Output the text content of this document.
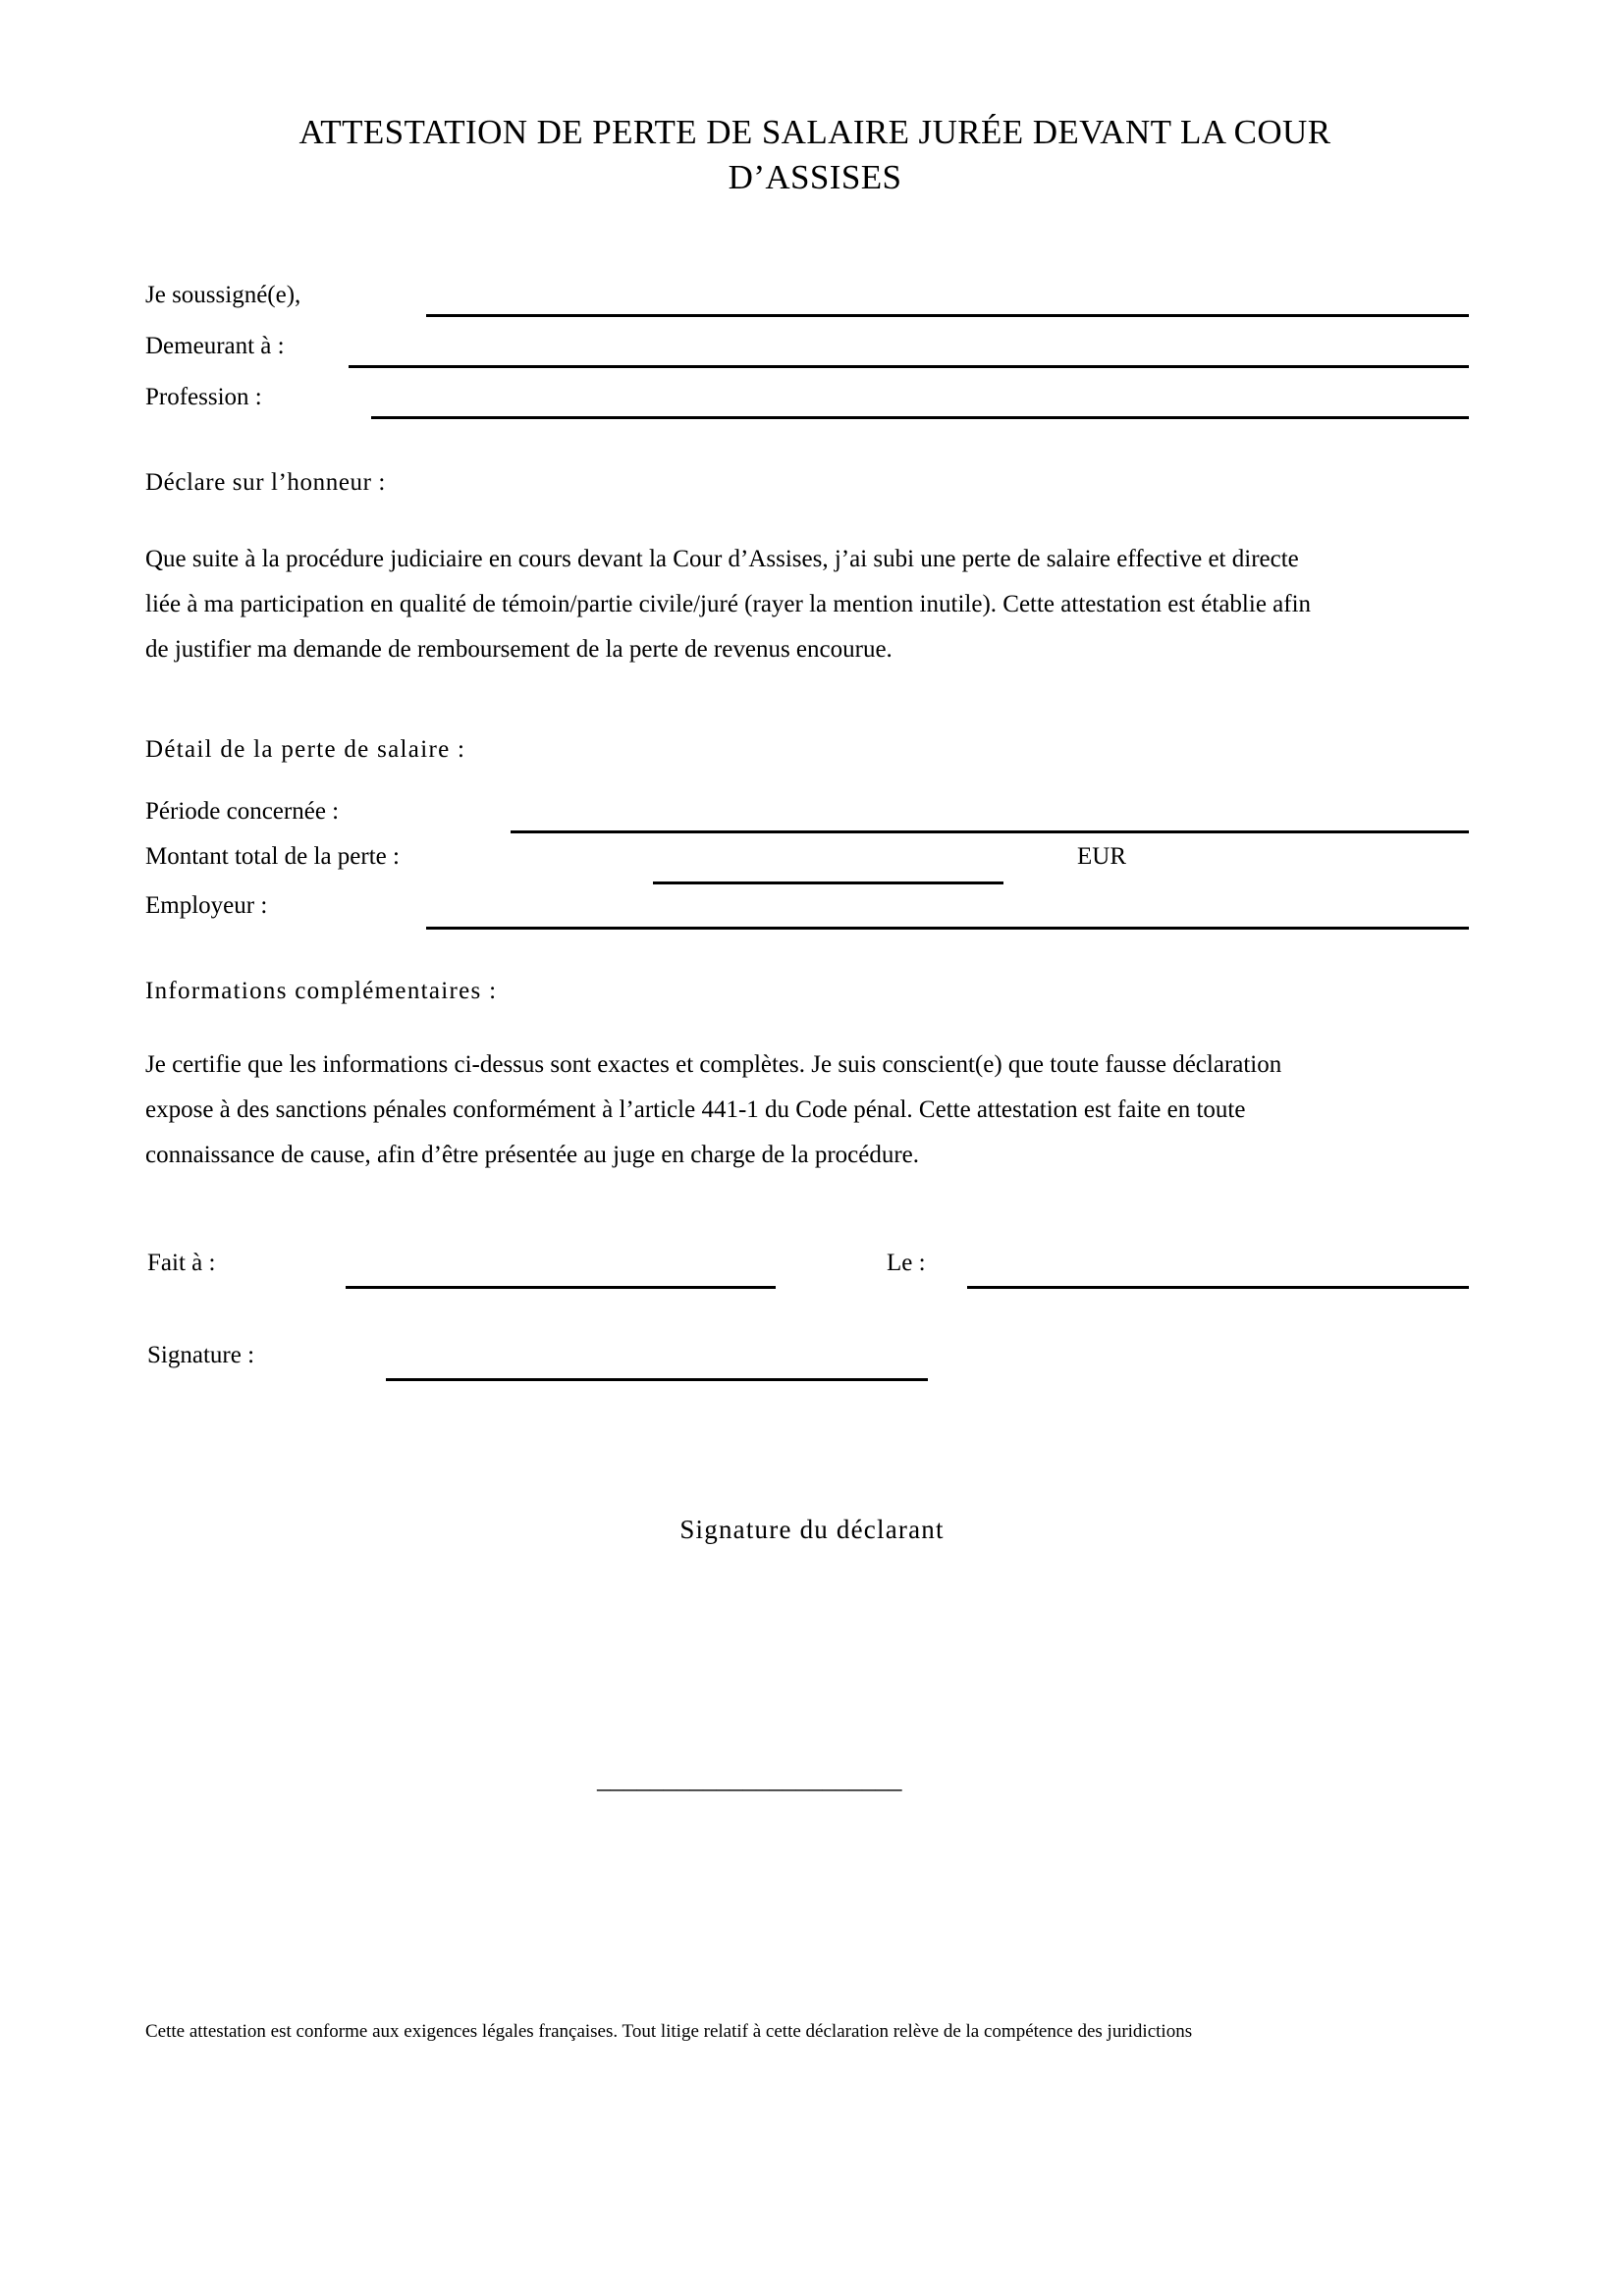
ATTESTATION DE PERTE DE SALAIRE JURÉE DEVANT LA COUR
D’ASSISES
Je soussigné(e),
Demeurant à :
Profession :
Déclare sur l’honneur :
Que suite à la procédure judiciaire en cours devant la Cour d’Assises, j’ai subi une perte de salaire effective et directe
liée à ma participation en qualité de témoin/partie civile/juré (rayer la mention inutile). Cette attestation est établie afin
de justifier ma demande de remboursement de la perte de revenus encourue.
Détail de la perte de salaire :
Période concernée :
Montant total de la perte :	EUR
Employeur :
Informations complémentaires :
Je certifie que les informations ci-dessus sont exactes et complètes. Je suis conscient(e) que toute fausse déclaration
expose à des sanctions pénales conformément à l’article 441-1 du Code pénal. Cette attestation est faite en toute
connaissance de cause, afin d’être présentée au juge en charge de la procédure.
Fait à :	Le :
Signature :
Signature du déclarant
_______________________
Cette attestation est conforme aux exigences légales françaises. Tout litige relatif à cette déclaration relève de la compétence des juridictions
